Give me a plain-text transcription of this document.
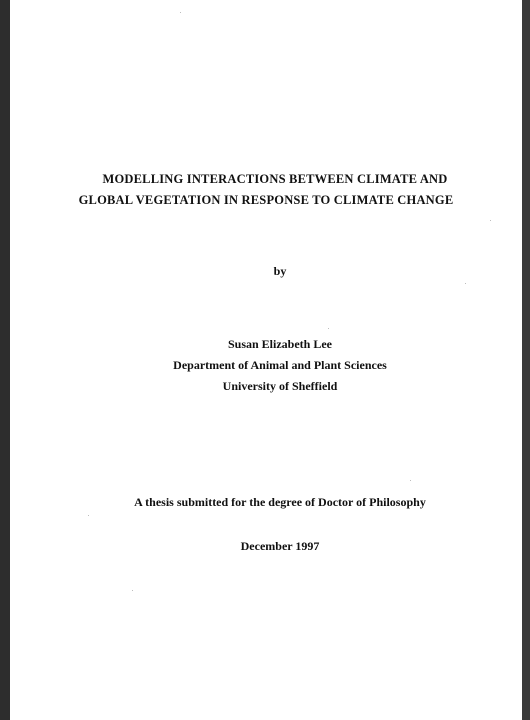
MODELLING INTERACTIONS BETWEEN CLIMATE AND
GLOBAL VEGETATION IN RESPONSE TO CLIMATE CHANGE
by
Susan Elizabeth Lee
Department of Animal and Plant Sciences
University of Sheffield
A thesis submitted for the degree of Doctor of Philosophy
December 1997
